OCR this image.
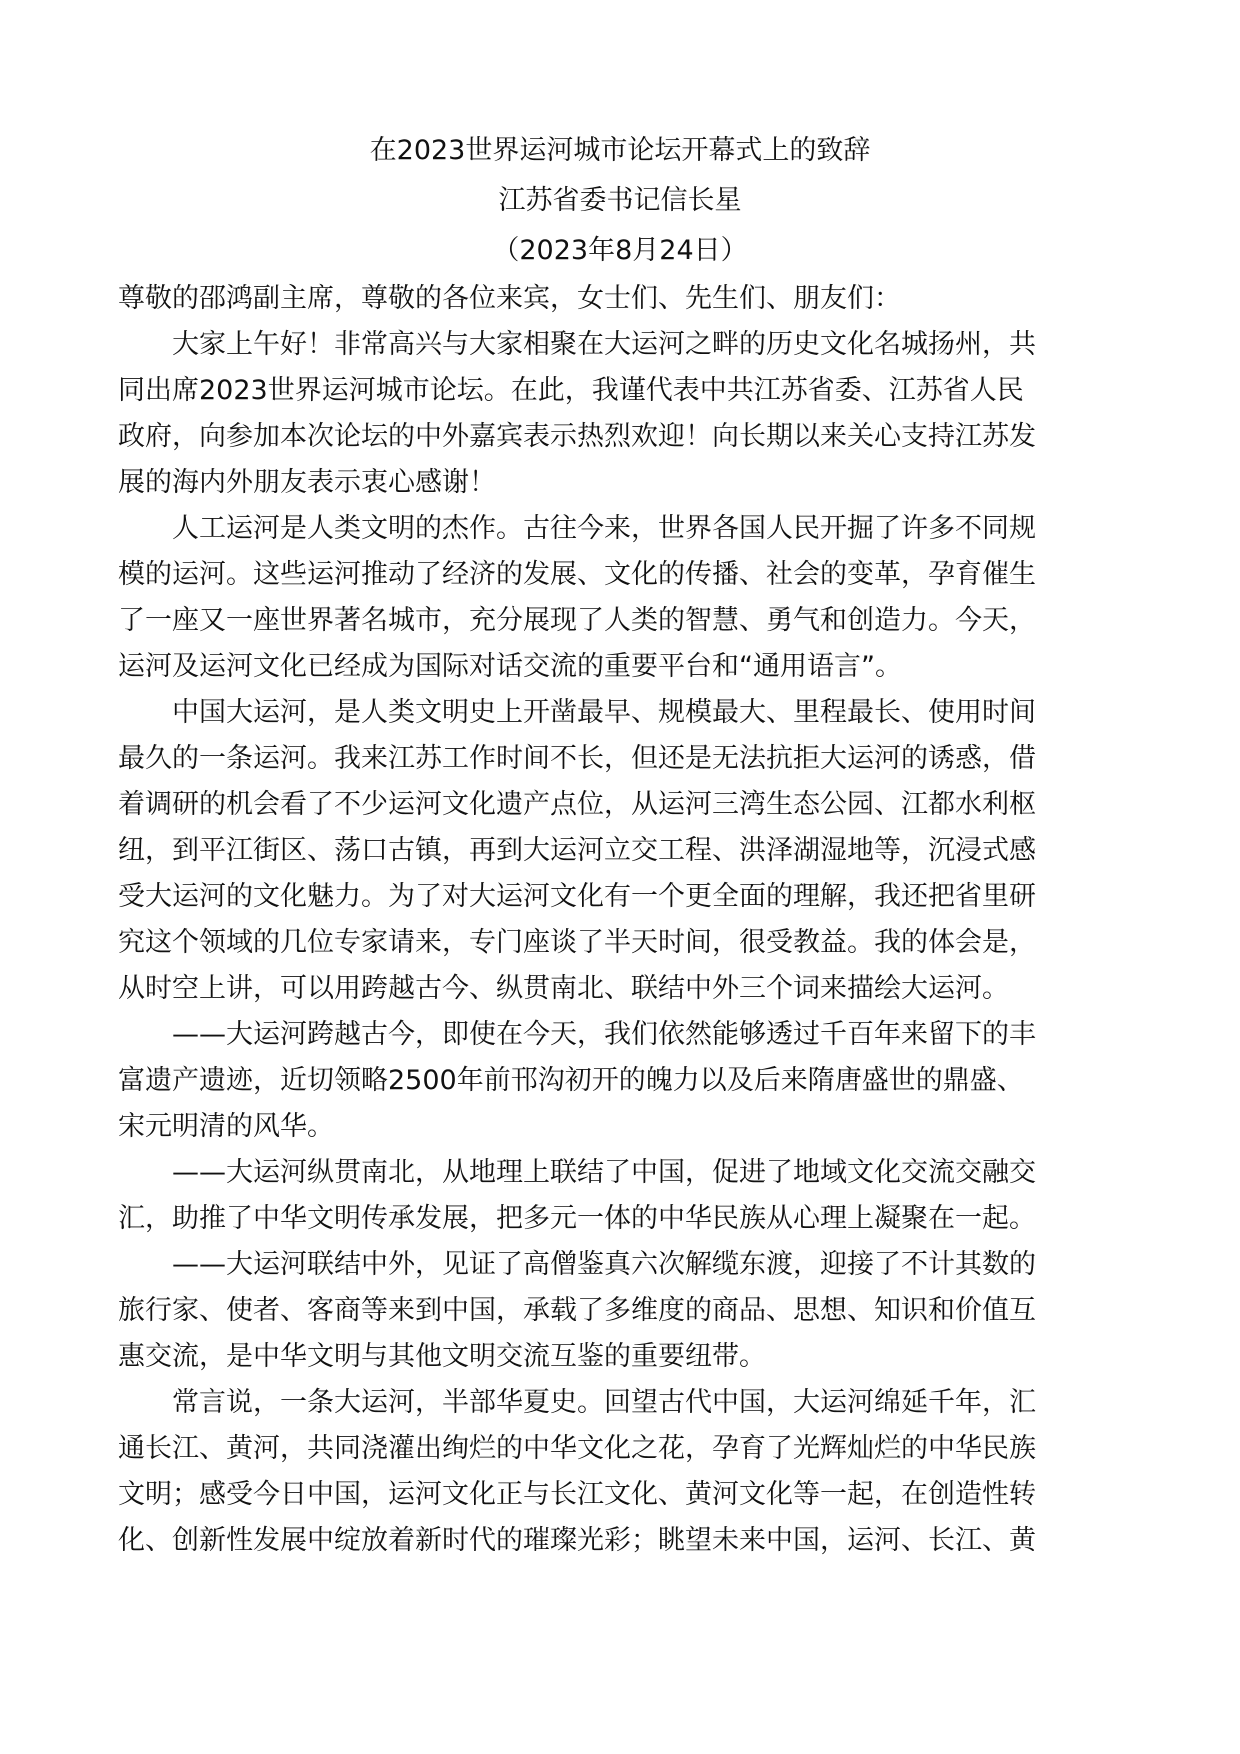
在2023世界运河城市论坛开幕式上的致辞
江苏省委书记信长星
（2023年8月24日）

尊敬的邵鸿副主席，尊敬的各位来宾，女士们、先生们、朋友们：

大家上午好！非常高兴与大家相聚在大运河之畔的历史文化名城扬州，共
同出席2023世界运河城市论坛。在此，我谨代表中共江苏省委、江苏省人民
政府，向参加本次论坛的中外嘉宾表示热烈欢迎！向长期以来关心支持江苏发
展的海内外朋友表示衷心感谢！

人工运河是人类文明的杰作。古往今来，世界各国人民开掘了许多不同规
模的运河。这些运河推动了经济的发展、文化的传播、社会的变革，孕育催生
了一座又一座世界著名城市，充分展现了人类的智慧、勇气和创造力。今天，
运河及运河文化已经成为国际对话交流的重要平台和“通用语言”。

中国大运河，是人类文明史上开凿最早、规模最大、里程最长、使用时间
最久的一条运河。我来江苏工作时间不长，但还是无法抗拒大运河的诱惑，借
着调研的机会看了不少运河文化遗产点位，从运河三湾生态公园、江都水利枢
纽，到平江街区、荡口古镇，再到大运河立交工程、洪泽湖湿地等，沉浸式感
受大运河的文化魅力。为了对大运河文化有一个更全面的理解，我还把省里研
究这个领域的几位专家请来，专门座谈了半天时间，很受教益。我的体会是，
从时空上讲，可以用跨越古今、纵贯南北、联结中外三个词来描绘大运河。

——大运河跨越古今，即使在今天，我们依然能够透过千百年来留下的丰
富遗产遗迹，近切领略2500年前邗沟初开的魄力以及后来隋唐盛世的鼎盛、
宋元明清的风华。

——大运河纵贯南北，从地理上联结了中国，促进了地域文化交流交融交
汇，助推了中华文明传承发展，把多元一体的中华民族从心理上凝聚在一起。

——大运河联结中外，见证了高僧鉴真六次解缆东渡，迎接了不计其数的
旅行家、使者、客商等来到中国，承载了多维度的商品、思想、知识和价值互
惠交流，是中华文明与其他文明交流互鉴的重要纽带。

常言说，一条大运河，半部华夏史。回望古代中国，大运河绵延千年，汇
通长江、黄河，共同浇灌出绚烂的中华文化之花，孕育了光辉灿烂的中华民族
文明；感受今日中国，运河文化正与长江文化、黄河文化等一起，在创造性转
化、创新性发展中绽放着新时代的璀璨光彩；眺望未来中国，运河、长江、黄
